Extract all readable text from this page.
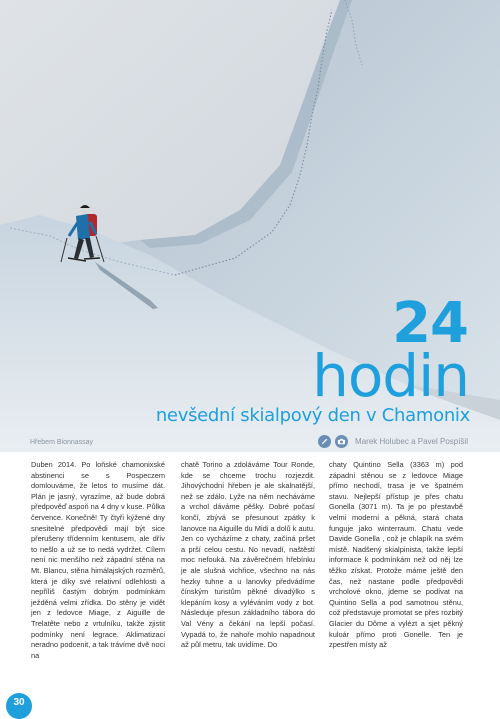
24
hodin
nevšední skialpový den v Chamonix
Hřebem Bionnassay	Marek Holubec a Pavel Pospíšil

Duben 2014. Po loňské chamonixské abstinenci se s Pospeczem domlouváme, že letos to musíme dát. Plán je jasný, vyrazíme, až bude dobrá předpověď aspoň na 4 dny v kuse. Půlka července. Konečně! Ty čtyři kýžené dny snesitelné předpovědi mají být sice přerušeny třídenním kentusem, ale dřív to nešlo a už se to nedá vydržet. Cílem není nic menšího než západní stěna na Mt. Blancu, stěna himálajských rozměrů, která je díky své relativní odlehlosti a nepříliš častým dobrým podmínkám ježděná velmi zřídka. Do stěny je vidět jen z ledovce Miage, z Aiguille de Trelatête nebo z vrtulníku, takže zjistit podmínky není legrace. Aklimatizaci neradno podcenit, a tak trávíme dvě noci na

chatě Torino a zdoláváme Tour Ronde, kde se chceme trochu rozjezdit. Jihovýchodní hřeben je ale skalnatější, než se zdálo. Lyže na něm necháváme a vrchol dáváme pěšky. Dobré počasí končí, zbývá se přesunout zpátky k lanovce na Aiguille du Midi a dolů k autu. Jen co vycházíme z chaty, začíná pršet a prší celou cestu. No nevadí, naštěstí moc nefouká. Na závěrečném hřebínku je ale slušná vichřice, všechno na nás hezky tuhne a u lanovky předvádíme čínským turistům pěkné divadýlko s klepáním kosy a vyléváním vody z bot. Následuje přesun základního tábora do Val Vény a čekání na lepší počasí. Vypadá to, že nahoře mohlo napadnout až půl metru, tak uvidíme. Do

chaty Quintino Sella (3363 m) pod západní stěnou se z ledovce Miage přímo nechodí, trasa je ve špatném stavu. Nejlepší přístup je přes chatu Gonella (3071 m). Ta je po přestavbě velmi moderní a pěkná, stará chata funguje jako winterraum. Chatu vede Davide Gonella , což je chlapík na svém místě. Nadšený skialpinista, takže lepší informace k podmínkám než od něj lze těžko získat. Protože máme ještě den čas, než nastane podle předpovědi vrcholové okno, jdeme se podívat na Quintino Sella a pod samotnou stěnu, což představuje promotat se přes rozbitý Glacier du Dôme a vylézt a sjet pěkný kuloár přímo proti Gonelle. Ten je zpestřen místy až

30
